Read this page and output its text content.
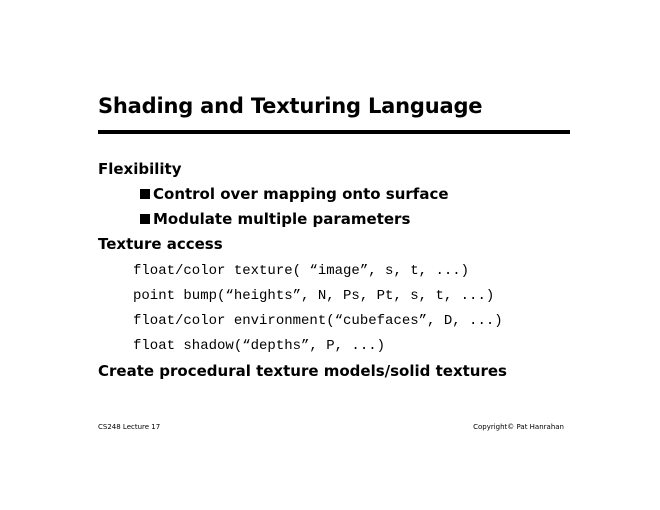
Shading and Texturing Language
Flexibility
Control over mapping onto surface
Modulate multiple parameters
Texture access
float/color texture( “image”, s, t, ...)
point bump(“heights”, N, Ps, Pt, s, t, ...)
float/color environment(“cubefaces”, D, ...)
float shadow(“depths”, P, ...)
Create procedural texture models/solid textures
CS248 Lecture 17	Copyright© Pat Hanrahan
